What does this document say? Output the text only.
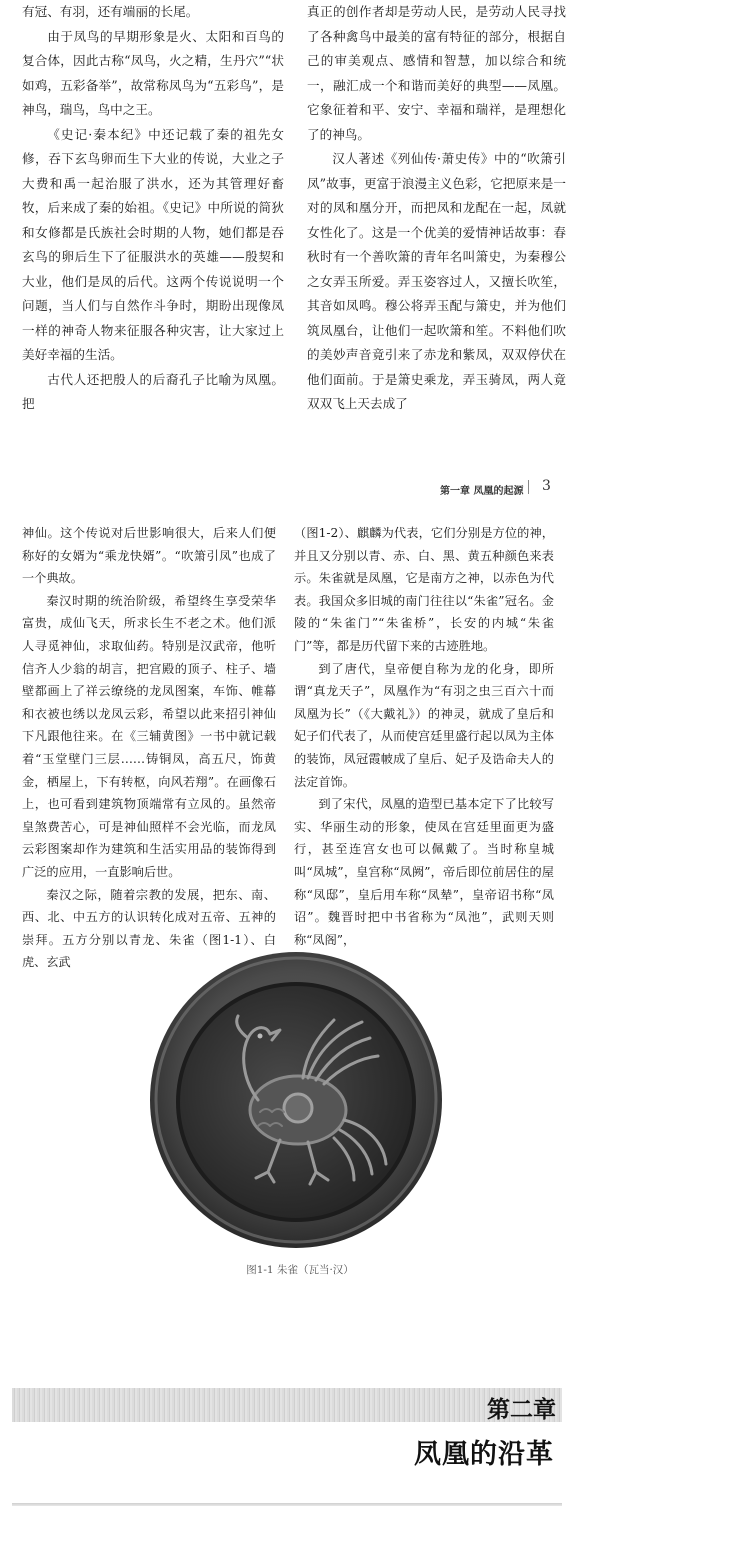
有冠、有羽，还有端丽的长尾。

由于凤鸟的早期形象是火、太阳和百鸟的复合体，因此古称“凤鸟，火之精，生丹穴”“状如鸡，五彩备举”，故常称凤鸟为“五彩鸟”，是神鸟，瑞鸟，鸟中之王。

《史记·秦本纪》中还记载了秦的祖先女修，吞下玄鸟卵而生下大业的传说，大业之子大费和禹一起治服了洪水，还为其管理好畜牧，后来成了秦的始祖。《史记》中所说的简狄和女修都是氏族社会时期的人物，她们都是吞玄鸟的卵后生下了征服洪水的英雄——殷契和大业，他们是凤的后代。这两个传说说明一个问题，当人们与自然作斗争时，期盼出现像凤一样的神奇人物来征服各种灾害，让大家过上美好幸福的生活。

古代人还把殷人的后裔孔子比喻为凤凰。把

真正的创作者却是劳动人民，是劳动人民寻找了各种禽鸟中最美的富有特征的部分，根据自己的审美观点、感情和智慧，加以综合和统一，融汇成一个和谐而美好的典型——凤凰。它象征着和平、安宁、幸福和瑞祥，是理想化了的神鸟。

汉人著述《列仙传·萧史传》中的“吹箫引凤”故事，更富于浪漫主义色彩，它把原来是一对的凤和凰分开，而把凤和龙配在一起，凤就女性化了。这是一个优美的爱情神话故事：春秋时有一个善吹箫的青年名叫箫史，为秦穆公之女弄玉所爱。弄玉姿容过人，又擅长吹笙，其音如凤鸣。穆公将弄玉配与箫史，并为他们筑凤凰台，让他们一起吹箫和笙。不料他们吹的美妙声音竟引来了赤龙和紫凤，双双停伏在他们面前。于是箫史乘龙，弄玉骑凤，两人竟双双飞上天去成了

第一章 凤凰的起源 3

神仙。这个传说对后世影响很大，后来人们便称好的女婿为“乘龙快婿”。“吹箫引凤”也成了一个典故。

秦汉时期的统治阶级，希望终生享受荣华富贵，成仙飞天，所求长生不老之术。他们派人寻觅神仙，求取仙药。特别是汉武帝，他听信齐人少翁的胡言，把宫殿的顶子、柱子、墙壁都画上了祥云缭绕的龙凤图案，车饰、帷幕和衣被也绣以龙凤云彩，希望以此来招引神仙下凡跟他往来。在《三辅黄图》一书中就记载着“玉堂壁门三层……铸铜凤，高五尺，饰黄金，栖屋上，下有转枢，向风若翔”。在画像石上，也可看到建筑物顶端常有立凤的。虽然帝皇煞费苦心，可是神仙照样不会光临，而龙凤云彩图案却作为建筑和生活实用品的装饰得到广泛的应用，一直影响后世。

秦汉之际，随着宗教的发展，把东、南、西、北、中五方的认识转化成对五帝、五神的崇拜。五方分别以青龙、朱雀（图1-1）、白虎、玄武

（图1-2）、麒麟为代表，它们分别是方位的神，并且又分别以青、赤、白、黑、黄五种颜色来表示。朱雀就是凤凰，它是南方之神，以赤色为代表。我国众多旧城的南门往往以“朱雀”冠名。金陵的“朱雀门”“朱雀桥”，长安的内城“朱雀门”等，都是历代留下来的古迹胜地。

到了唐代，皇帝便自称为龙的化身，即所谓“真龙天子”，凤凰作为“有羽之虫三百六十而凤凰为长”（《大戴礼》）的神灵，就成了皇后和妃子们代表了，从而使宫廷里盛行起以凤为主体的装饰，凤冠霞帔成了皇后、妃子及诰命夫人的法定首饰。

到了宋代，凤凰的造型已基本定下了比较写实、华丽生动的形象，使凤在宫廷里面更为盛行，甚至连宫女也可以佩戴了。当时称皇城叫“凤城”，皇宫称“凤阙”，帝后即位前居住的屋称“凤邸”，皇后用车称“凤辇”，皇帝诏书称“凤诏”。魏晋时把中书省称为“凤池”，武则天则称“凤阁”，

图1-1 朱雀（瓦当·汉）
第二章
凤凰的沿革
